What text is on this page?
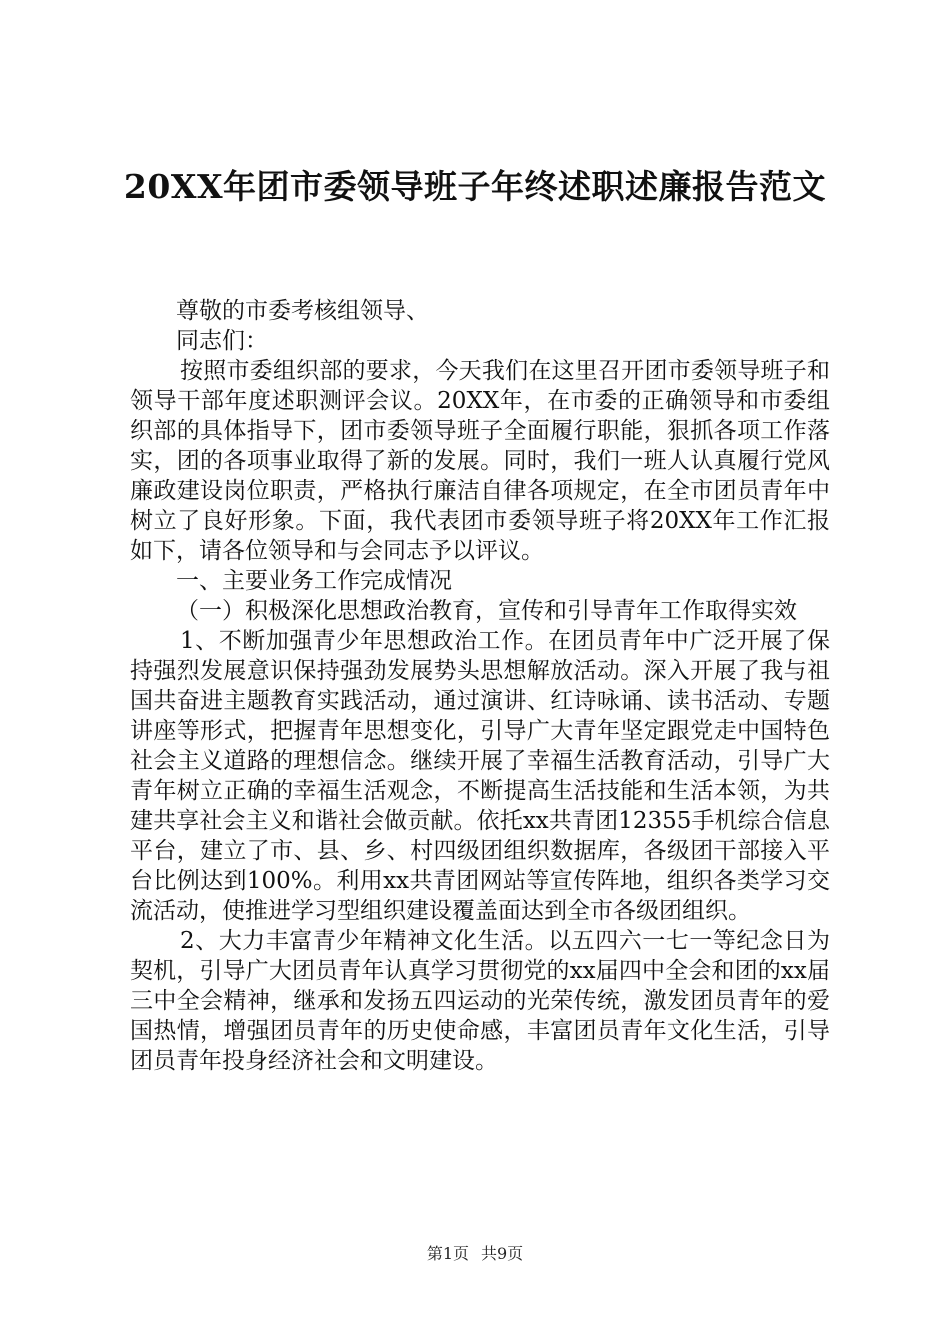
20XX年团市委领导班子年终述职述廉报告范文

尊敬的市委考核组领导、

同志们：

按照市委组织部的要求，今天我们在这里召开团市委领导班子和领导干部年度述职测评会议。20XX年，在市委的正确领导和市委组织部的具体指导下，团市委领导班子全面履行职能，狠抓各项工作落实，团的各项事业取得了新的发展。同时，我们一班人认真履行党风廉政建设岗位职责，严格执行廉洁自律各项规定，在全市团员青年中树立了良好形象。下面，我代表团市委领导班子将20XX年工作汇报如下，请各位领导和与会同志予以评议。

一、主要业务工作完成情况

（一）积极深化思想政治教育，宣传和引导青年工作取得实效

1、不断加强青少年思想政治工作。在团员青年中广泛开展了保持强烈发展意识保持强劲发展势头思想解放活动。深入开展了我与祖国共奋进主题教育实践活动，通过演讲、红诗咏诵、读书活动、专题讲座等形式，把握青年思想变化，引导广大青年坚定跟党走中国特色社会主义道路的理想信念。继续开展了幸福生活教育活动，引导广大青年树立正确的幸福生活观念，不断提高生活技能和生活本领，为共建共享社会主义和谐社会做贡献。依托xx共青团12355手机综合信息平台，建立了市、县、乡、村四级团组织数据库，各级团干部接入平台比例达到100%。利用xx共青团网站等宣传阵地，组织各类学习交流活动，使推进学习型组织建设覆盖面达到全市各级团组织。

2、大力丰富青少年精神文化生活。以五四六一七一等纪念日为契机，引导广大团员青年认真学习贯彻党的xx届四中全会和团的xx届三中全会精神，继承和发扬五四运动的光荣传统，激发团员青年的爱国热情，增强团员青年的历史使命感，丰富团员青年文化生活，引导团员青年投身经济社会和文明建设。

第1页 共9页
